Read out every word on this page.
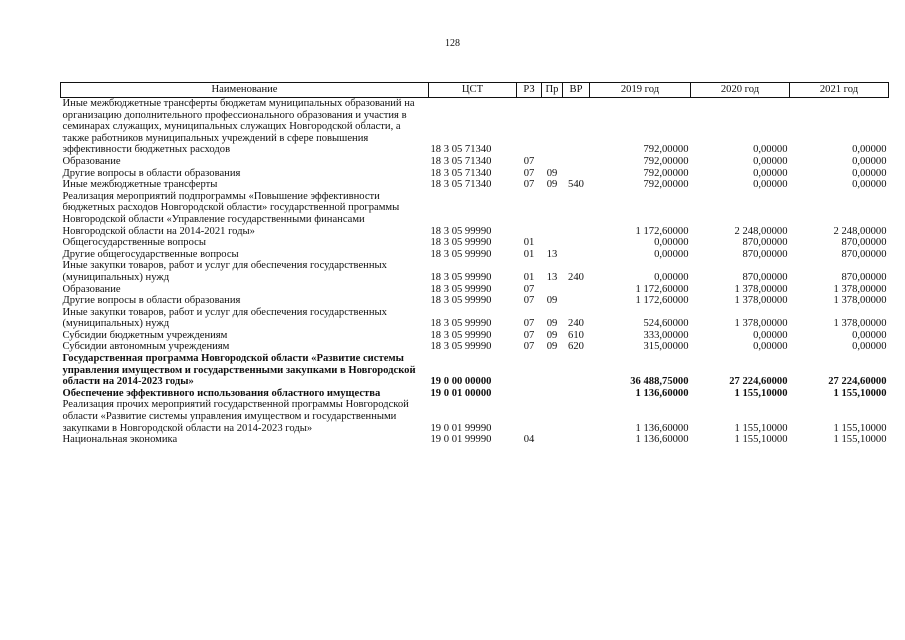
128
Наименование	ЦСТ	РЗ	Пр	ВР	2019 год	2020 год	2021 год
Иные межбюджетные трансферты бюджетам муниципальных образований на организацию дополнительного профессионального образования и участия в семинарах служащих, муниципальных служащих Новгородской области, а также работников муниципальных учреждений в сфере повышения эффективности бюджетных расходов	18 3 05 71340				792,00000	0,00000	0,00000
Образование	18 3 05 71340	07			792,00000	0,00000	0,00000
Другие вопросы в области образования	18 3 05 71340	07	09		792,00000	0,00000	0,00000
Иные межбюджетные трансферты	18 3 05 71340	07	09	540	792,00000	0,00000	0,00000
Реализация мероприятий подпрограммы «Повышение эффективности бюджетных расходов Новгородской области» государственной программы Новгородской области «Управление государственными финансами Новгородской области на 2014-2021 годы»	18 3 05 99990				1 172,60000	2 248,00000	2 248,00000
Общегосударственные вопросы	18 3 05 99990	01			0,00000	870,00000	870,00000
Другие общегосударственные вопросы	18 3 05 99990	01	13		0,00000	870,00000	870,00000
Иные закупки товаров, работ и услуг для обеспечения государственных (муниципальных) нужд	18 3 05 99990	01	13	240	0,00000	870,00000	870,00000
Образование	18 3 05 99990	07			1 172,60000	1 378,00000	1 378,00000
Другие вопросы в области образования	18 3 05 99990	07	09		1 172,60000	1 378,00000	1 378,00000
Иные закупки товаров, работ и услуг для обеспечения государственных (муниципальных) нужд	18 3 05 99990	07	09	240	524,60000	1 378,00000	1 378,00000
Субсидии бюджетным учреждениям	18 3 05 99990	07	09	610	333,00000	0,00000	0,00000
Субсидии автономным учреждениям	18 3 05 99990	07	09	620	315,00000	0,00000	0,00000
Государственная программа Новгородской области «Развитие системы управления имуществом и государственными закупками в Новгородской области на 2014-2023 годы»	19 0 00 00000				36 488,75000	27 224,60000	27 224,60000
Обеспечение эффективного использования областного имущества	19 0 01 00000				1 136,60000	1 155,10000	1 155,10000
Реализация прочих мероприятий государственной программы Новгородской области «Развитие системы управления имуществом и государственными закупками в Новгородской области на 2014-2023 годы»	19 0 01 99990				1 136,60000	1 155,10000	1 155,10000
Национальная экономика	19 0 01 99990	04			1 136,60000	1 155,10000	1 155,10000
